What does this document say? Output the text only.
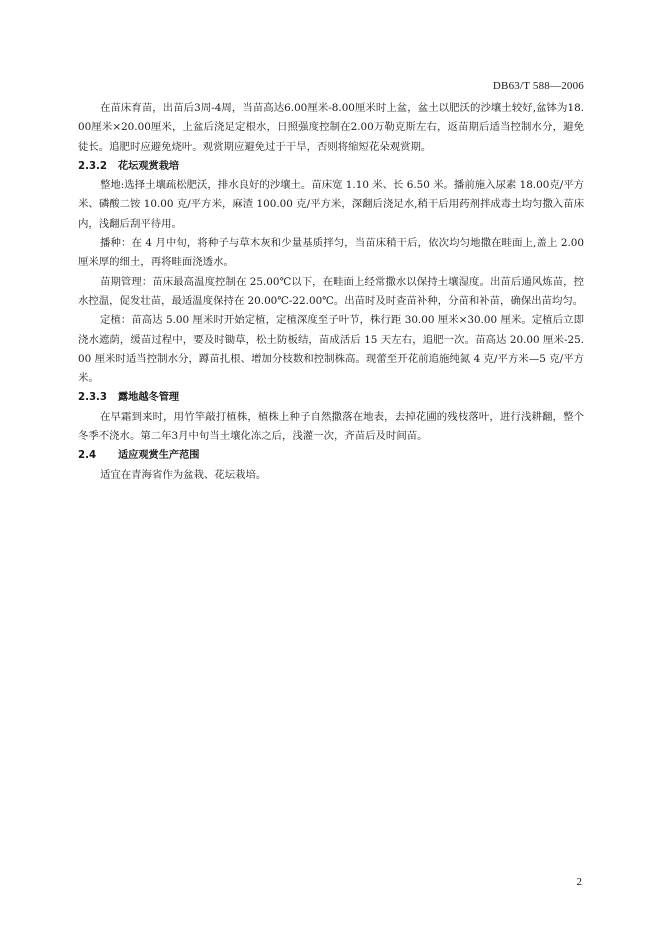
DB63/T 588—2006

在苗床育苗，出苗后3周-4周，当苗高达6.00厘米-8.00厘米时上盆，盆土以肥沃的沙壤土较好,盆钵为18.00厘米×20.00厘米，上盆后浇足定根水，日照强度控制在2.00万勒克斯左右，返苗期后适当控制水分，避免徒长。追肥时应避免烧叶。观赏期应避免过于干旱，否则将缩短花朵观赏期。

2.3.2 花坛观赏栽培

整地:选择土壤疏松肥沃，排水良好的沙壤土。苗床宽 1.10 米、长 6.50 米。播前施入尿素 18.00克/平方米、磷酸二铵 10.00 克/平方米，麻渣 100.00 克/平方米，深翻后浇足水,稍干后用药剂拌成毒土均匀撒入苗床内，浅翻后刮平待用。

播种：在 4 月中旬，将种子与草木灰和少量基质拌匀，当苗床稍干后，依次均匀地撒在畦面上,盖上 2.00 厘米厚的细土，再将畦面浇透水。

苗期管理：苗床最高温度控制在 25.00℃以下，在畦面上经常撒水以保持土壤湿度。出苗后通风炼苗，控水控温，促发壮苗，最适温度保持在 20.00℃-22.00℃。出苗时及时查苗补种，分苗和补苗，确保出苗均匀。

定植：苗高达 5.00 厘米时开始定植，定植深度至子叶节，株行距 30.00 厘米×30.00 厘米。定植后立即浇水遮荫，缓苗过程中，要及时锄草，松土防板结，苗成活后 15 天左右，追肥一次。苗高达 20.00 厘米-25.00 厘米时适当控制水分，蹲苗扎根、增加分枝数和控制株高。现蕾至开花前追施纯氮 4 克/平方米—5 克/平方米。

2.3.3 露地越冬管理

在早霜到来时，用竹竿敲打植株，植株上种子自然撒落在地表，去掉花圃的残枝落叶，进行浅耕翻，整个冬季不浇水。第二年3月中旬当土壤化冻之后，浅灌一次，齐苗后及时间苗。

2.4 适应观赏生产范围

适宜在青海省作为盆栽、花坛栽培。

2
